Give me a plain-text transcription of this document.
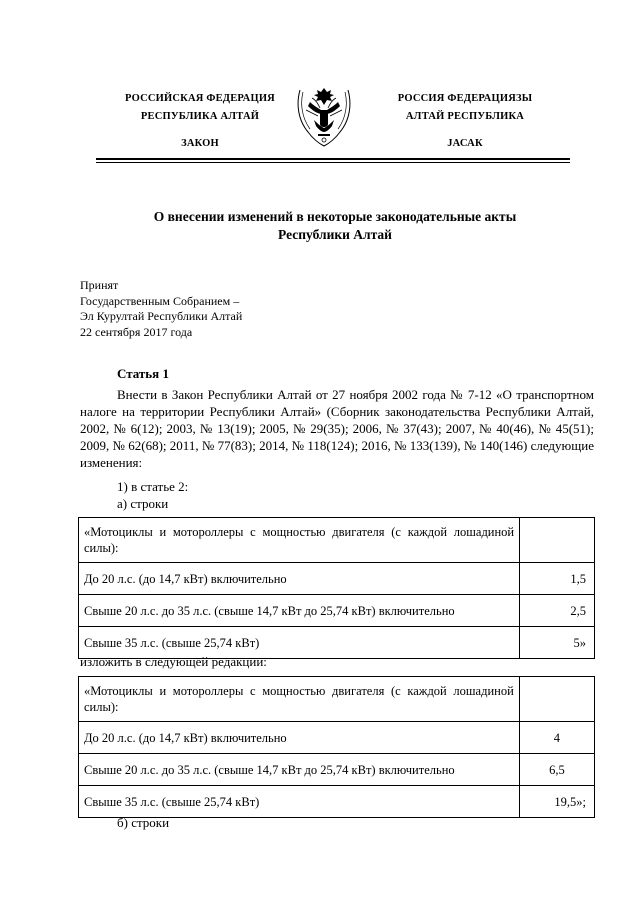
РОССИЙСКАЯ ФЕДЕРАЦИЯ
РЕСПУБЛИКА АЛТАЙ
ЗАКОН
РОССИЯ ФЕДЕРАЦИЯЗЫ
АЛТАЙ РЕСПУБЛИКА
JАСАК
О внесении изменений в некоторые законодательные акты
Республики Алтай
Принят
Государственным Собранием –
Эл Курултай Республики Алтай
22 сентября 2017 года
Статья 1
Внести в Закон Республики Алтай от 27 ноября 2002 года № 7-12 «О транспортном налоге на территории Республики Алтай» (Сборник законодательства Республики Алтай, 2002, № 6(12); 2003, № 13(19); 2005, № 29(35); 2006, № 37(43); 2007, № 40(46), № 45(51); 2009, № 62(68); 2011, № 77(83); 2014, № 118(124); 2016, № 133(139), № 140(146) следующие изменения:
1) в статье 2:
а) строки
«Мотоциклы и мотороллеры с мощностью двигателя (с каждой лошадиной силы):	
До 20 л.с. (до 14,7 кВт) включительно	1,5
Свыше 20 л.с. до 35 л.с. (свыше 14,7 кВт до 25,74 кВт) включительно	2,5
Свыше 35 л.с. (свыше 25,74 кВт)	5»
изложить в следующей редакции:
«Мотоциклы и мотороллеры с мощностью двигателя (с каждой лошадиной силы):	
До 20 л.с. (до 14,7 кВт) включительно	4
Свыше 20 л.с. до 35 л.с. (свыше 14,7 кВт до 25,74 кВт) включительно	6,5
Свыше 35 л.с. (свыше 25,74 кВт)	19,5»;
б) строки
